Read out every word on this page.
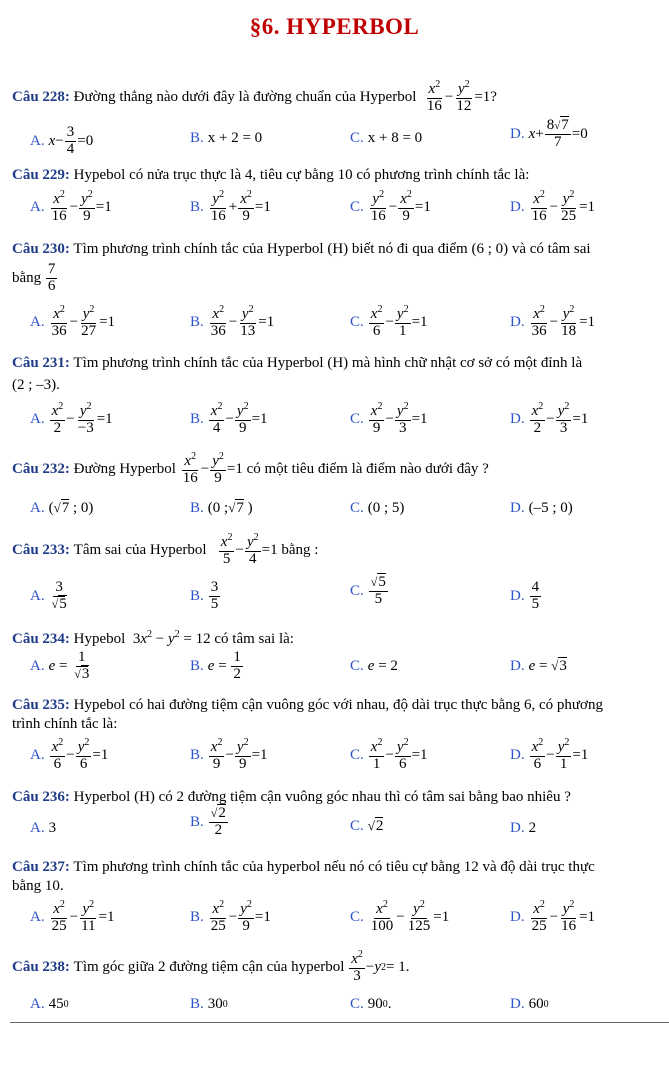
§6. HYPERBOL
Câu 228: Đường thẳng nào dưới đây là đường chuẩn của Hyperbol $\frac{x^2}{16} - \frac{y^2}{12} =1$?
A. $x - \frac{3}{4} =0$	B. x + 2 = 0	C. x + 8 = 0	D. $x + \frac{8√7}{7} =0$
Câu 229: Hypebol có nửa trục thực là 4, tiêu cự bằng 10 có phương trình chính tắc là:
A. $\frac{x^2}{16} - \frac{y^2}{9} =1$	B. $\frac{y^2}{16} + \frac{x^2}{9} =1$	C. $\frac{y^2}{16} - \frac{x^2}{9} =1$	D. $\frac{x^2}{16} - \frac{y^2}{25} =1$
Câu 230: Tìm phương trình chính tắc của Hyperbol (H) biết nó đi qua điểm (6 ; 0) và có tâm sai
bằng
$\frac{7}{6}$
A. $\frac{x^2}{36} - \frac{y^2}{27} =1$	B. $\frac{x^2}{36} - \frac{y^2}{13} =1$	C. $\frac{x^2}{6} - \frac{y^2}{1} =1$	D. $\frac{x^2}{36} - \frac{y^2}{18} =1$
Câu 231: Tìm phương trình chính tắc của Hyperbol (H) mà hình chữ nhật cơ sở có một đỉnh là
(2 ; –3).
A. $\frac{x^2}{2} - \frac{y^2}{-3} =1$	B. $\frac{x^2}{4} - \frac{y^2}{9} =1$	C. $\frac{x^2}{9} - \frac{y^2}{3} =1$	D. $\frac{x^2}{2} - \frac{y^2}{3} =1$
Câu 232:
Đường Hyperbol
$\frac{x^2}{16} - \frac{y^2}{9} =1$
có một tiêu điểm là điểm nào dưới đây ?
A. (√7 ; 0)	B. (0 ; √7 )	C. (0 ; 5)	D. (–5 ; 0)
Câu 233:
Tâm sai của Hyperbol
$\frac{x^2}{5} - \frac{y^2}{4} =1$
bằng :
A. $\frac{3}{√5}$	B. $\frac{3}{5}$	C. $\frac{√5}{5}$	D. $\frac{4}{5}$
Câu 234: Hypebol $3x^2 - y^2 = 12$ có tâm sai là:
A. $e = \frac{1}{√3}$	B. $e = \frac{1}{2}$	C. e = 2	D. e = √3
Câu 235: Hypebol có hai đường tiệm cận vuông góc với nhau, độ dài trục thực bằng 6, có phương
trình chính tắc là:
A. $\frac{x^2}{6} - \frac{y^2}{6} =1$	B. $\frac{x^2}{9} - \frac{y^2}{9} =1$	C. $\frac{x^2}{1} - \frac{y^2}{6} =1$	D. $\frac{x^2}{6} - \frac{y^2}{1} =1$
Câu 236: Hyperbol (H) có 2 đường tiệm cận vuông góc nhau thì có tâm sai bằng bao nhiêu ?
A. 3	B. $\frac{√2}{2}$	C. √2	D. 2
Câu 237: Tìm phương trình chính tắc của hyperbol nếu nó có tiêu cự bằng 12 và độ dài trục thực
bằng 10.
A. $\frac{x^2}{25} - \frac{y^2}{11} =1$	B. $\frac{x^2}{25} - \frac{y^2}{9} =1$	C. $\frac{x^2}{100} - \frac{y^2}{125} =1$	D. $\frac{x^2}{25} - \frac{y^2}{16} =1$
Câu 238:
Tìm góc giữa 2 đường tiệm cận của hyperbol
$\frac{x^2}{3} - y$ 2 = 1.
A. 45 0	B. 30 0	C. 90 0 .	D. 60 0
